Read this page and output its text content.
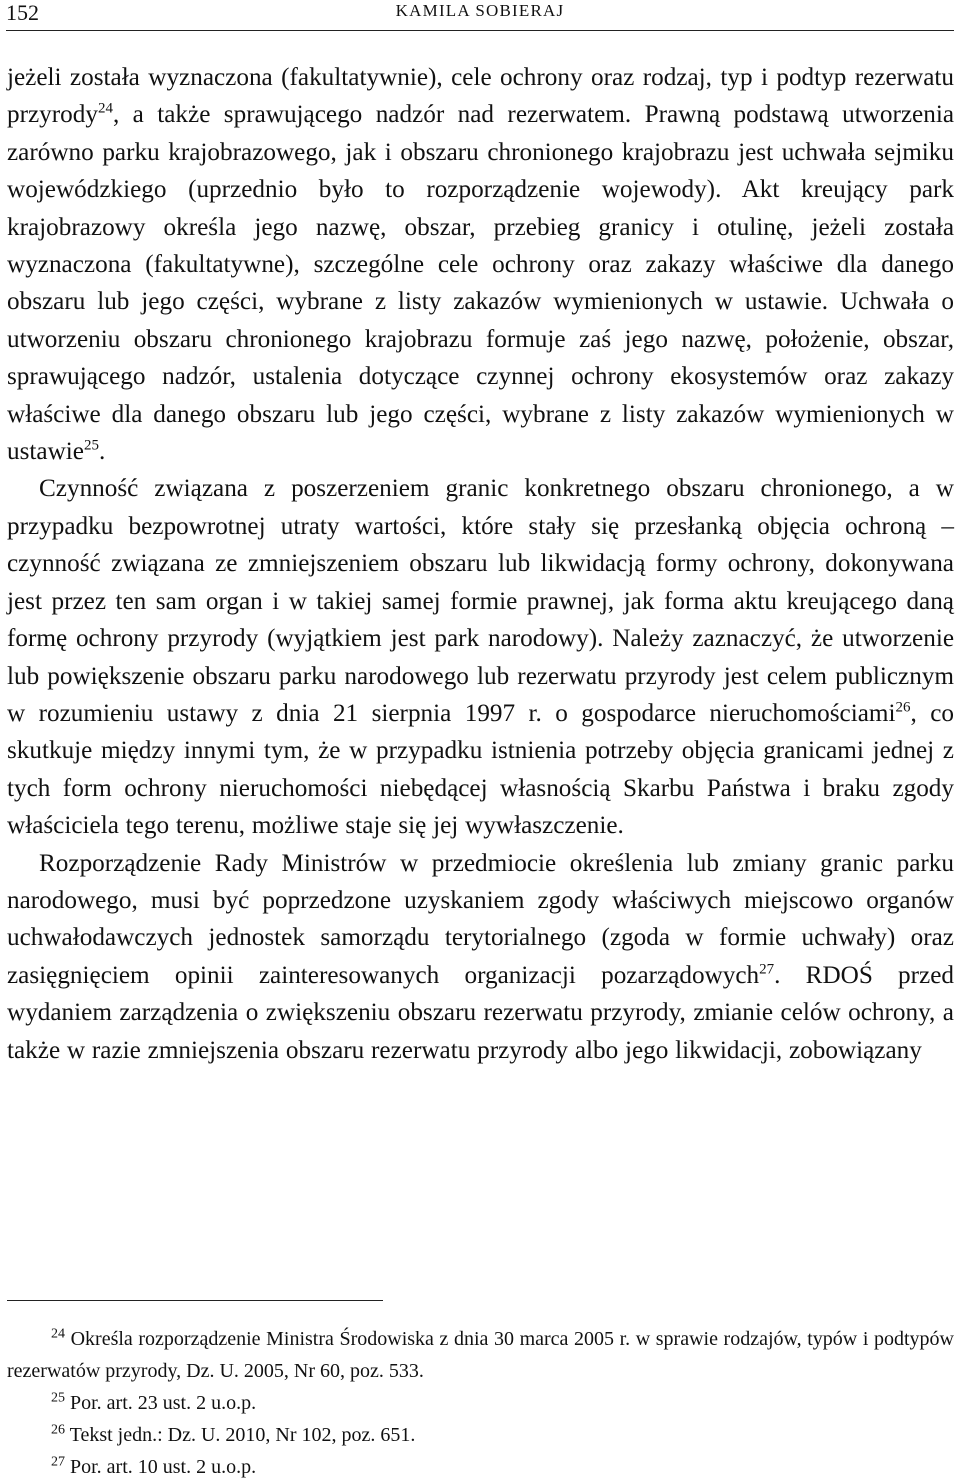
152	KAMILA SOBIERAJ

jeżeli została wyznaczona (fakultatywnie), cele ochrony oraz rodzaj, typ i podtyp rezerwatu przyrody$^{24}$, a także sprawującego nadzór nad rezerwatem. Prawną podstawą utworzenia zarówno parku krajobrazowego, jak i obszaru chronionego krajobrazu jest uchwała sejmiku wojewódzkiego (uprzednio było to rozporządzenie wojewody). Akt kreujący park krajobrazowy określa jego nazwę, obszar, przebieg granicy i otulinę, jeżeli została wyznaczona (fakultatywne), szczególne cele ochrony oraz zakazy właściwe dla danego obszaru lub jego części, wybrane z listy zakazów wymienionych w ustawie. Uchwała o utworzeniu obszaru chronionego krajobrazu formuje zaś jego nazwę, położenie, obszar, sprawującego nadzór, ustalenia dotyczące czynnej ochrony ekosystemów oraz zakazy właściwe dla danego obszaru lub jego części, wybrane z listy zakazów wymienionych w ustawie$^{25}$.

Czynność związana z poszerzeniem granic konkretnego obszaru chronionego, a w przypadku bezpowrotnej utraty wartości, które stały się przesłanką objęcia ochroną – czynność związana ze zmniejszeniem obszaru lub likwidacją formy ochrony, dokonywana jest przez ten sam organ i w takiej samej formie prawnej, jak forma aktu kreującego daną formę ochrony przyrody (wyjątkiem jest park narodowy). Należy zaznaczyć, że utworzenie lub powiększenie obszaru parku narodowego lub rezerwatu przyrody jest celem publicznym w rozumieniu ustawy z dnia 21 sierpnia 1997 r. o gospodarce nieruchomościami$^{26}$, co skutkuje między innymi tym, że w przypadku istnienia potrzeby objęcia granicami jednej z tych form ochrony nieruchomości niebędącej własnością Skarbu Państwa i braku zgody właściciela tego terenu, możliwe staje się jej wywłaszczenie.

Rozporządzenie Rady Ministrów w przedmiocie określenia lub zmiany granic parku narodowego, musi być poprzedzone uzyskaniem zgody właściwych miejscowo organów uchwałodawczych jednostek samorządu terytorialnego (zgoda w formie uchwały) oraz zasięgnięciem opinii zainteresowanych organizacji pozarządowych$^{27}$. RDOŚ przed wydaniem zarządzenia o zwiększeniu obszaru rezerwatu przyrody, zmianie celów ochrony, a także w razie zmniejszenia obszaru rezerwatu przyrody albo jego likwidacji, zobowiązany

$^{24}$ Określa rozporządzenie Ministra Środowiska z dnia 30 marca 2005 r. w sprawie rodzajów, typów i podtypów rezerwatów przyrody, Dz. U. 2005, Nr 60, poz. 533.

$^{25}$ Por. art. 23 ust. 2 u.o.p.

$^{26}$ Tekst jedn.: Dz. U. 2010, Nr 102, poz. 651.

$^{27}$ Por. art. 10 ust. 2 u.o.p.
